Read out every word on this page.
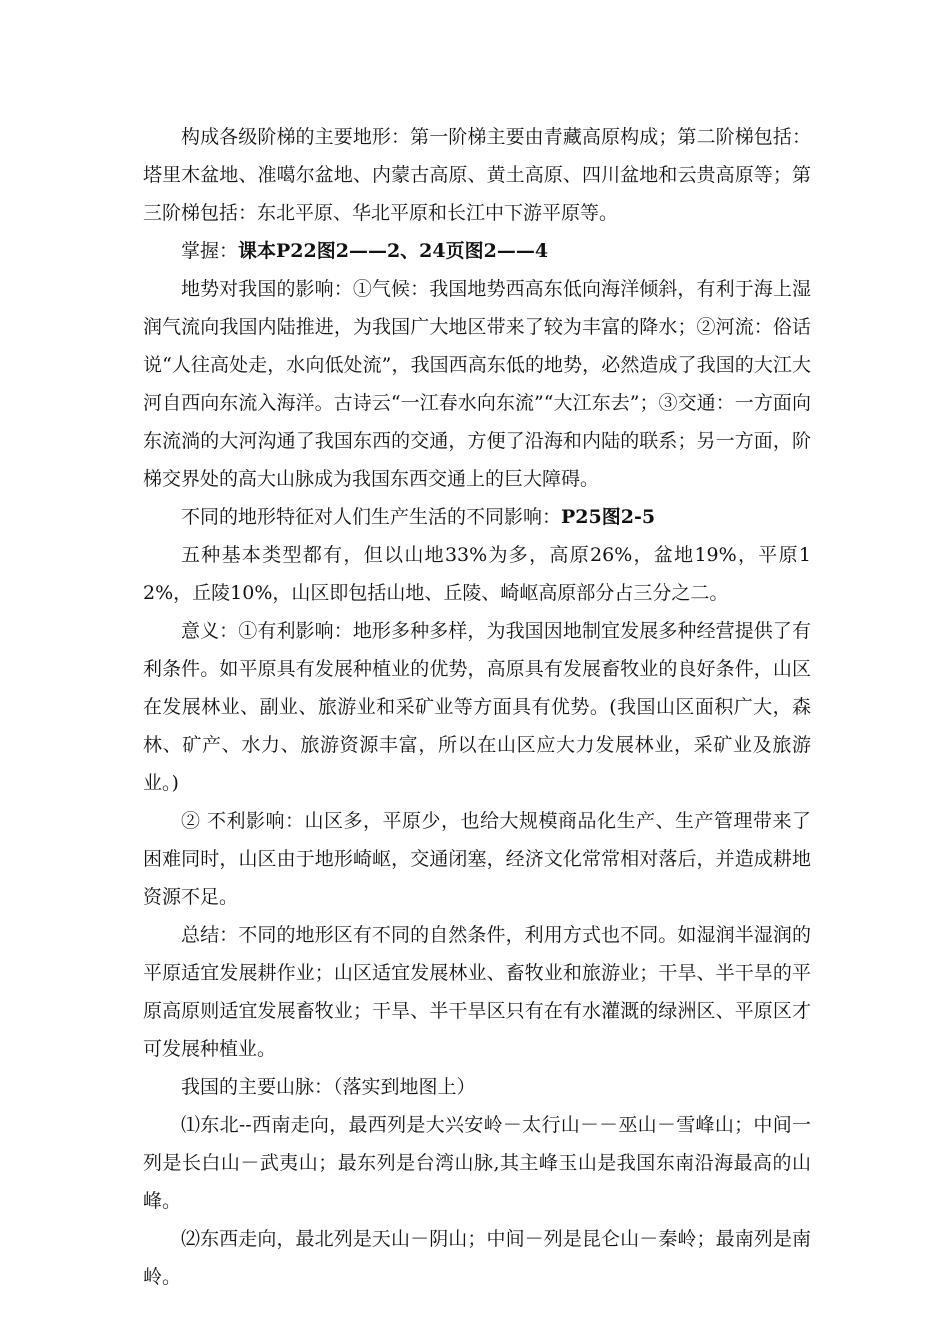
构成各级阶梯的主要地形：第一阶梯主要由青藏高原构成；第二阶梯包括：塔里木盆地、准噶尔盆地、内蒙古高原、黄土高原、四川盆地和云贵高原等；第三阶梯包括：东北平原、华北平原和长江中下游平原等。

掌握：课本P22图2——2、24页图2——4

地势对我国的影响：①气候：我国地势西高东低向海洋倾斜，有利于海上湿润气流向我国内陆推进，为我国广大地区带来了较为丰富的降水；②河流：俗话说“人往高处走，水向低处流”，我国西高东低的地势，必然造成了我国的大江大河自西向东流入海洋。古诗云“一江春水向东流”“大江东去”；③交通：一方面向东流淌的大河沟通了我国东西的交通，方便了沿海和内陆的联系；另一方面，阶梯交界处的高大山脉成为我国东西交通上的巨大障碍。

不同的地形特征对人们生产生活的不同影响：P25图2-5

五种基本类型都有，但以山地33%为多，高原26%，盆地19%，平原12%，丘陵10%，山区即包括山地、丘陵、崎岖高原部分占三分之二。

意义：①有利影响：地形多种多样，为我国因地制宜发展多种经营提供了有利条件。如平原具有发展种植业的优势，高原具有发展畜牧业的良好条件，山区在发展林业、副业、旅游业和采矿业等方面具有优势。(我国山区面积广大，森林、矿产、水力、旅游资源丰富，所以在山区应大力发展林业，采矿业及旅游业。)

② 不利影响：山区多，平原少，也给大规模商品化生产、生产管理带来了困难同时，山区由于地形崎岖，交通闭塞，经济文化常常相对落后，并造成耕地资源不足。

总结：不同的地形区有不同的自然条件，利用方式也不同。如湿润半湿润的平原适宜发展耕作业；山区适宜发展林业、畜牧业和旅游业；干旱、半干旱的平原高原则适宜发展畜牧业；干旱、半干旱区只有在有水灌溉的绿洲区、平原区才可发展种植业。

我国的主要山脉：（落实到地图上）

⑴东北--西南走向，最西列是大兴安岭－太行山－－巫山－雪峰山；中间一列是长白山－武夷山；最东列是台湾山脉,其主峰玉山是我国东南沿海最高的山峰。

⑵东西走向，最北列是天山－阴山；中间－列是昆仑山－秦岭；最南列是南岭。
